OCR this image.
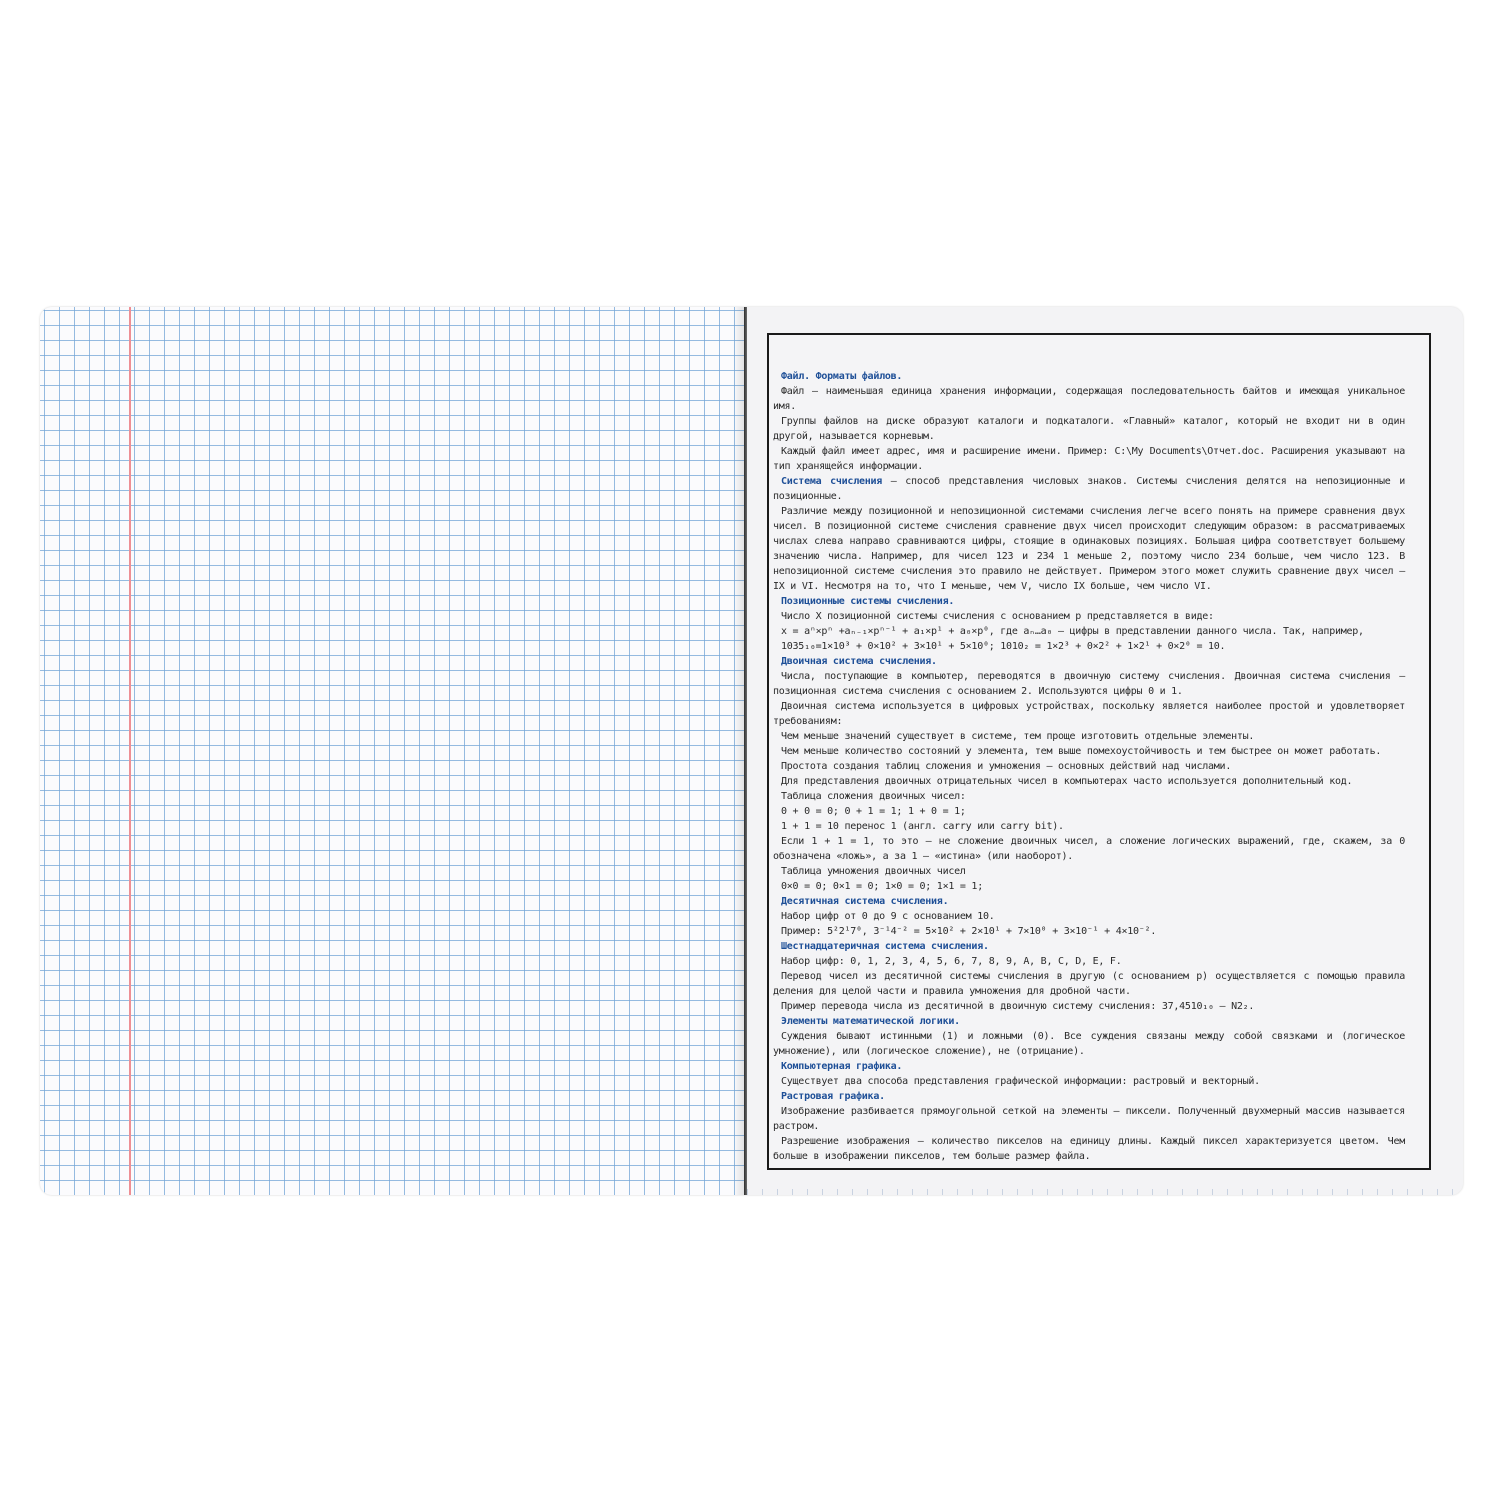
Файл. Форматы файлов.

Файл — наименьшая единица хранения информации, содержащая последовательность байтов и имеющая уникальное имя.

Группы файлов на диске образуют каталоги и подкаталоги. «Главный» каталог, который не входит ни в один другой, называется корневым.

Каждый файл имеет адрес, имя и расширение имени. Пример: C:\My Documents\Отчет.doc. Расширения указывают на тип хранящейся информации.

Система счисления — способ представления числовых знаков. Системы счисления делятся на непозиционные и позиционные.

Различие между позиционной и непозиционной системами счисления легче всего понять на примере сравнения двух чисел. В позиционной системе счисления сравнение двух чисел происходит следующим образом: в рассматриваемых числах слева направо сравниваются цифры, стоящие в одинаковых позициях. Большая цифра соответствует большему значению числа. Например, для чисел 123 и 234 1 меньше 2, поэтому число 234 больше, чем число 123. В непозиционной системе счисления это правило не действует. Примером этого может служить сравнение двух чисел — IX и VI. Несмотря на то, что I меньше, чем V, число IX больше, чем число VI.

Позиционные системы счисления.

Число X позиционной системы счисления с основанием p представляется в виде:

x = aⁿ×pⁿ +aₙ₋₁×pⁿ⁻¹ + a₁×p¹ + a₀×p⁰, где aₙ…a₀ — цифры в представлении данного числа. Так, например,

1035₁₀=1×10³ + 0×10² + 3×10¹ + 5×10⁰; 1010₂ = 1×2³ + 0×2² + 1×2¹ + 0×2⁰ = 10.

Двоичная система счисления.

Числа, поступающие в компьютер, переводятся в двоичную систему счисления. Двоичная система счисления — позиционная система счисления с основанием 2. Используются цифры 0 и 1.

Двоичная система используется в цифровых устройствах, поскольку является наиболее простой и удовлетворяет требованиям:

Чем меньше значений существует в системе, тем проще изготовить отдельные элементы.

Чем меньше количество состояний у элемента, тем выше помехоустойчивость и тем быстрее он может работать.

Простота создания таблиц сложения и умножения — основных действий над числами.

Для представления двоичных отрицательных чисел в компьютерах часто используется дополнительный код.

Таблица сложения двоичных чисел:

0 + 0 = 0; 0 + 1 = 1; 1 + 0 = 1;

1 + 1 = 10 перенос 1 (англ. carry или carry bit).

Если 1 + 1 = 1, то это — не сложение двоичных чисел, а сложение логических выражений, где, скажем, за 0 обозначена «ложь», а за 1 — «истина» (или наоборот).

Таблица умножения двоичных чисел

0×0 = 0; 0×1 = 0; 1×0 = 0; 1×1 = 1;

Десятичная система счисления.

Набор цифр от 0 до 9 с основанием 10.

Пример: 5²2¹7⁰, 3⁻¹4⁻² = 5×10² + 2×10¹ + 7×10⁰ + 3×10⁻¹ + 4×10⁻².

Шестнадцатеричная система счисления.

Набор цифр: 0, 1, 2, 3, 4, 5, 6, 7, 8, 9, A, B, C, D, E, F.

Перевод чисел из десятичной системы счисления в другую (с основанием p) осуществляется с помощью правила деления для целой части и правила умножения для дробной части.

Пример перевода числа из десятичной в двоичную систему счисления: 37,4510₁₀ — N2₂.

Элементы математической логики.

Суждения бывают истинными (1) и ложными (0). Все суждения связаны между собой связками и (логическое умножение), или (логическое сложение), не (отрицание).

Компьютерная графика.

Существует два способа представления графической информации: растровый и векторный.

Растровая графика.

Изображение разбивается прямоугольной сеткой на элементы — пиксели. Полученный двухмерный массив называется растром.

Разрешение изображения — количество пикселов на единицу длины. Каждый пиксел характеризуется цветом. Чем больше в изображении пикселов, тем больше размер файла.
